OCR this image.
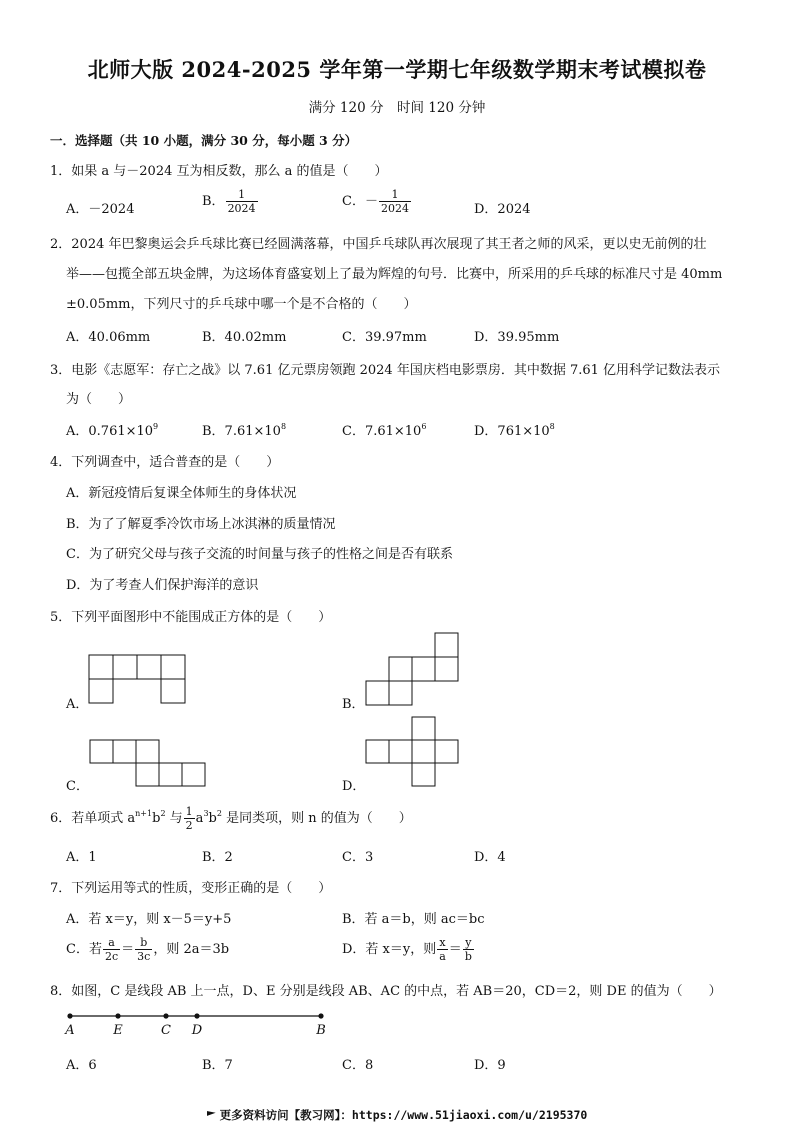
北师大版 2024-2025 学年第一学期七年级数学期末考试模拟卷
满分 120 分　时间 120 分钟
一．选择题（共 10 小题，满分 30 分，每小题 3 分）
1．如果 a 与－2024 互为相反数，那么 a 的值是（　　）
A．－2024
B． $\frac{1}{2024}$	C．－ $\frac{1}{2024}$	D．2024
2．2024 年巴黎奥运会乒乓球比赛已经圆满落幕，中国乒乓球队再次展现了其王者之师的风采，更以史无前例的壮
举——包揽全部五块金牌，为这场体育盛宴划上了最为辉煌的句号．比赛中，所采用的乒乓球的标准尺寸是 40mm
±0.05mm，下列尺寸的乒乓球中哪一个是不合格的（　　）
A．40.06mm	B．40.02mm	C．39.97mm	D．39.95mm
3．电影《志愿军：存亡之战》以 7.61 亿元票房领跑 2024 年国庆档电影票房．其中数据 7.61 亿用科学记数法表示
为（　　）
A．$0.761\times 10^9$	B．$7.61\times 10^8$	C．$7.61\times 10^6$	D．$761\times 10^8$
4．下列调查中，适合普查的是（　　）
A．新冠疫情后复课全体师生的身体状况
B．为了了解夏季冷饮市场上冰淇淋的质量情况
C．为了研究父母与孩子交流的时间量与孩子的性格之间是否有联系
D．为了考查人们保护海洋的意识
5．下列平面图形中不能围成正方体的是（　　）
A．	B．
C．	D．
6．若单项式 $a^{n+1}b^2$ 与 $\frac{1}{2} a^3b^2$ 是同类项，则 n 的值为（　　）
A．1	B．2	C．3	D．4
7．下列运用等式的性质，变形正确的是（　　）
A．若 x＝y，则 x－5＝y+5	B．若 a＝b，则 ac＝bc
C．若 $\frac{a}{2c} = \frac{b}{3c}$ ，则 2a＝3b	D．若 x＝y，则 $\frac{x}{a} = \frac{y}{b}$
8．如图，C 是线段 AB 上一点，D、E 分别是线段 AB、AC 的中点，若 AB＝20，CD＝2，则 DE 的值为（　　）
A	E	C D	B
A．6	B．7	C．8	D．9
更多资料访问【教习网】：https://www.51jiaoxi.com/u/2195370
